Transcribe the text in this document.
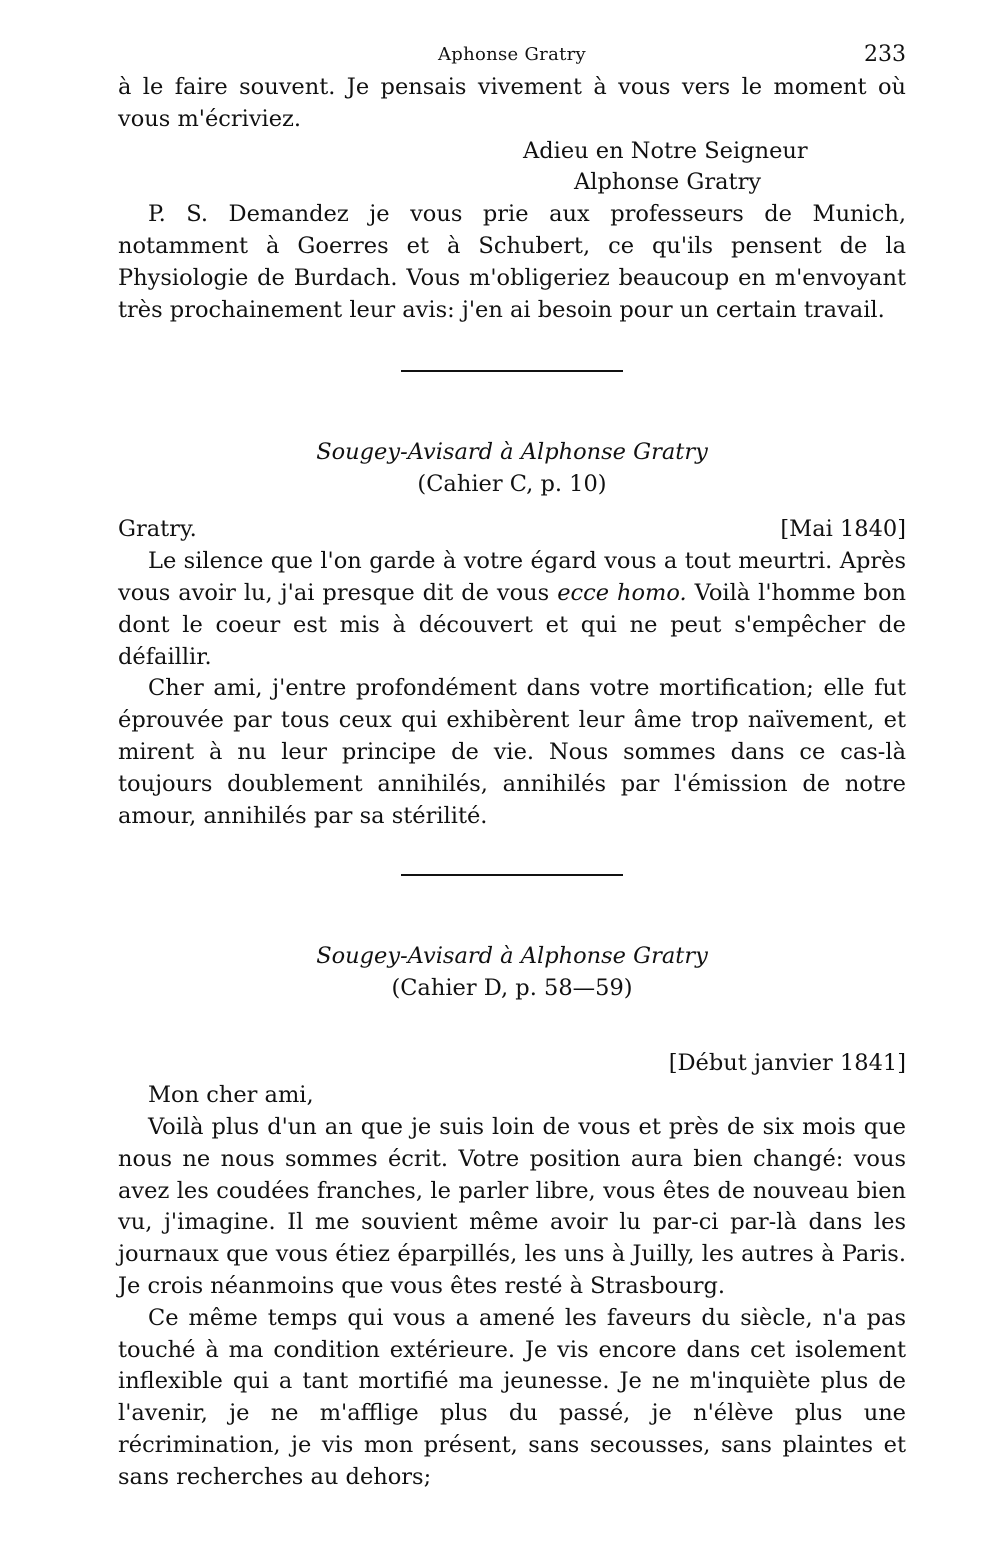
Aphonse Gratry	233

à le faire souvent. Je pensais vivement à vous vers le moment où vous m'écriviez.

Adieu en Notre Seigneur
Alphonse Gratry

P. S. Demandez je vous prie aux professeurs de Munich, notamment à Goerres et à Schubert, ce qu'ils pensent de la Physiologie de Burdach. Vous m'obligeriez beaucoup en m'envoyant très prochainement leur avis: j'en ai besoin pour un certain travail.

Sougey-Avisard à Alphonse Gratry
(Cahier C, p. 10)
Gratry.	[Mai 1840]

Le silence que l'on garde à votre égard vous a tout meurtri. Après vous avoir lu, j'ai presque dit de vous ecce homo. Voilà l'homme bon dont le coeur est mis à découvert et qui ne peut s'empêcher de défaillir.

Cher ami, j'entre profondément dans votre mortification; elle fut éprouvée par tous ceux qui exhibèrent leur âme trop naïvement, et mirent à nu leur principe de vie. Nous sommes dans ce cas-là toujours doublement annihilés, annihilés par l'émission de notre amour, annihilés par sa stérilité.

Sougey-Avisard à Alphonse Gratry
(Cahier D, p. 58—59)
[Début janvier 1841]

Mon cher ami,

Voilà plus d'un an que je suis loin de vous et près de six mois que nous ne nous sommes écrit. Votre position aura bien changé: vous avez les coudées franches, le parler libre, vous êtes de nouveau bien vu, j'imagine. Il me souvient même avoir lu par-ci par-là dans les journaux que vous étiez éparpillés, les uns à Juilly, les autres à Paris. Je crois néanmoins que vous êtes resté à Strasbourg.

Ce même temps qui vous a amené les faveurs du siècle, n'a pas touché à ma condition extérieure. Je vis encore dans cet isolement inflexible qui a tant mortifié ma jeunesse. Je ne m'inquiète plus de l'avenir, je ne m'afflige plus du passé, je n'élève plus une récrimination, je vis mon présent, sans secousses, sans plaintes et sans recherches au dehors;
